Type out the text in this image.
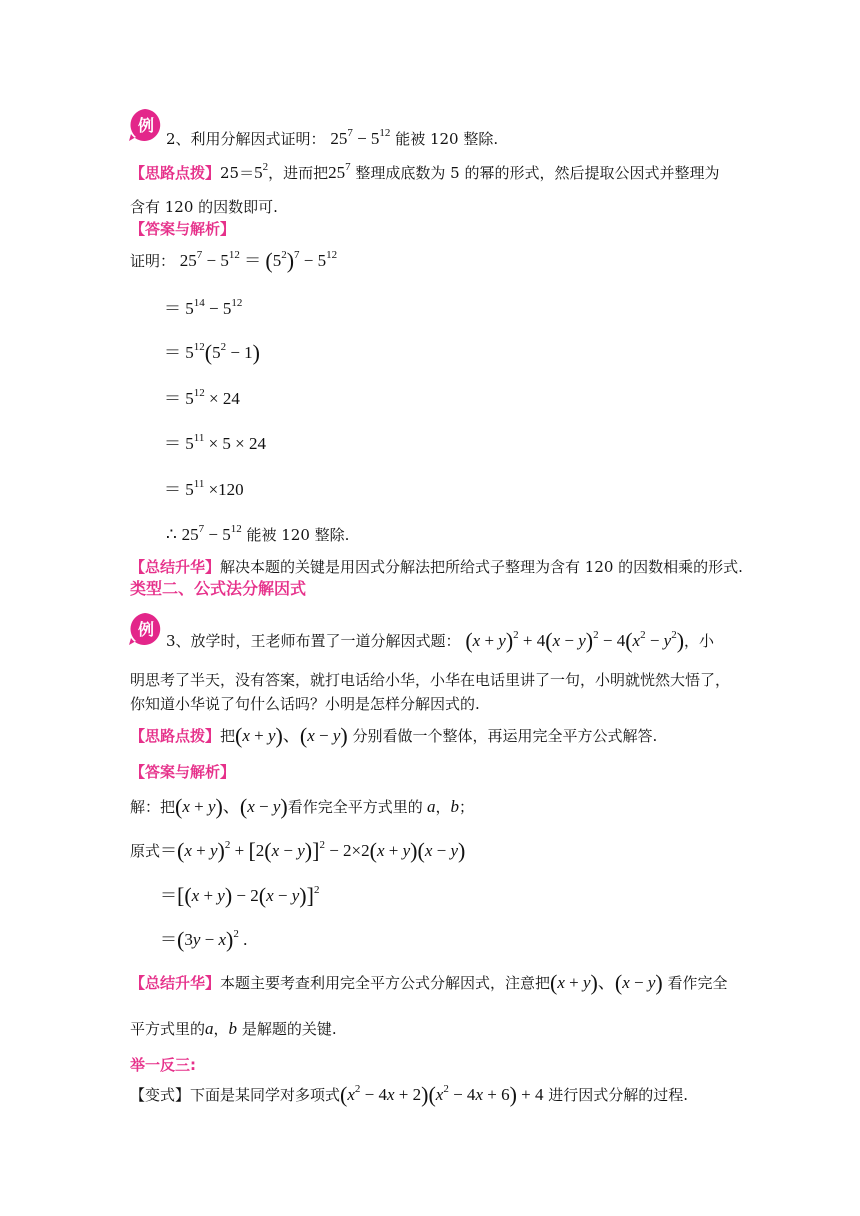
例
2、利用分解因式证明： $25^7 - 5^{12}$ 能被 120 整除.
【思路点拨】$25=5^2$，进而把$25^7$ 整理成底数为 5 的幂的形式，然后提取公因式并整理为
含有 120 的因数即可.
【答案与解析】
证明： $25^7 - 5^{12} = (5^2)^7 - 5^{12}$
＝ $5^{14} - 5^{12}$
＝ $5^{12}(5^2 - 1)$
＝ $5^{12} \times 24$
＝ $5^{11} \times 5 \times 24$
＝ $5^{11} \times 120$
∴ $25^7 - 5^{12}$ 能被 120 整除.
【总结升华】解决本题的关键是用因式分解法把所给式子整理为含有 120 的因数相乘的形式.
类型二、公式法分解因式
例
3、放学时，王老师布置了一道分解因式题： $(x + y)^2 + 4(x - y)^2 - 4(x^2 - y^2)$，小
明思考了半天，没有答案，就打电话给小华，小华在电话里讲了一句，小明就恍然大悟了，
你知道小华说了句什么话吗？小明是怎样分解因式的.
【思路点拨】把(x + y)、(x − y) 分别看做一个整体，再运用完全平方公式解答.
【答案与解析】
解：把(x + y)、(x − y)看作完全平方式里的 a，b；
原式$=(x + y)^2 + [2(x - y)]^2 - 2\times 2(x + y)(x - y)$
$=[(x + y) - 2(x - y)]^2$
$=(3y - x)^2$ .
【总结升华】本题主要考查利用完全平方公式分解因式，注意把(x + y)、(x − y) 看作完全
平方式里的a，b 是解题的关键.
举一反三:
【变式】下面是某同学对多项式$(x^2 - 4x + 2)(x^2 - 4x + 6) + 4$ 进行因式分解的过程.
